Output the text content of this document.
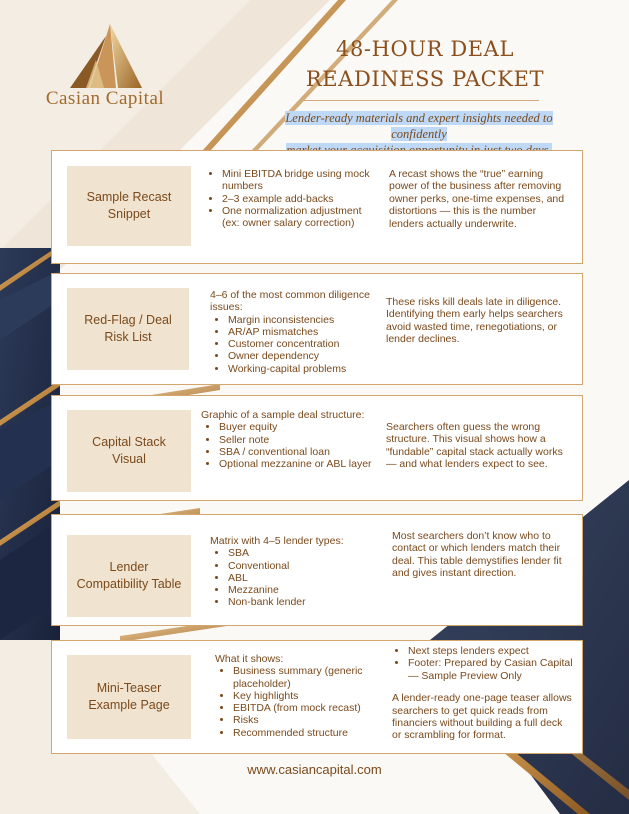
Casian Capital
48-HOUR DEAL
READINESS PACKET
Lender-ready materials and expert insights needed to confidently

Sample Recast Snippet
• Mini EBITDA bridge using mock numbers
• 2–3 example add-backs
• One normalization adjustment (ex: owner salary correction)
A recast shows the “true” earning power of the business after removing owner perks, one-time expenses, and distortions — this is the number lenders actually underwrite.
Red-Flag / Deal Risk List
4–6 of the most common diligence issues:
• Margin inconsistencies
• AR/AP mismatches
• Customer concentration
• Owner dependency
• Working-capital problems
These risks kill deals late in diligence. Identifying them early helps searchers avoid wasted time, renegotiations, or lender declines.
Capital Stack Visual
Graphic of a sample deal structure:
• Buyer equity
• Seller note
• SBA / conventional loan
• Optional mezzanine or ABL layer
Searchers often guess the wrong structure. This visual shows how a “fundable” capital stack actually works — and what lenders expect to see.
Lender Compatibility Table
Matrix with 4–5 lender types:
• SBA
• Conventional
• ABL
• Mezzanine
• Non-bank lender
Most searchers don’t know who to contact or which lenders match their deal. This table demystifies lender fit and gives instant direction.
Mini-Teaser Example Page
What it shows:
• Business summary (generic placeholder)
• Key highlights
• EBITDA (from mock recast)
• Risks
• Recommended structure
• Next steps lenders expect
• Footer: Prepared by Casian Capital — Sample Preview Only
A lender-ready one-page teaser allows searchers to get quick reads from financiers without building a full deck or scrambling for format.
www.casiancapital.com
